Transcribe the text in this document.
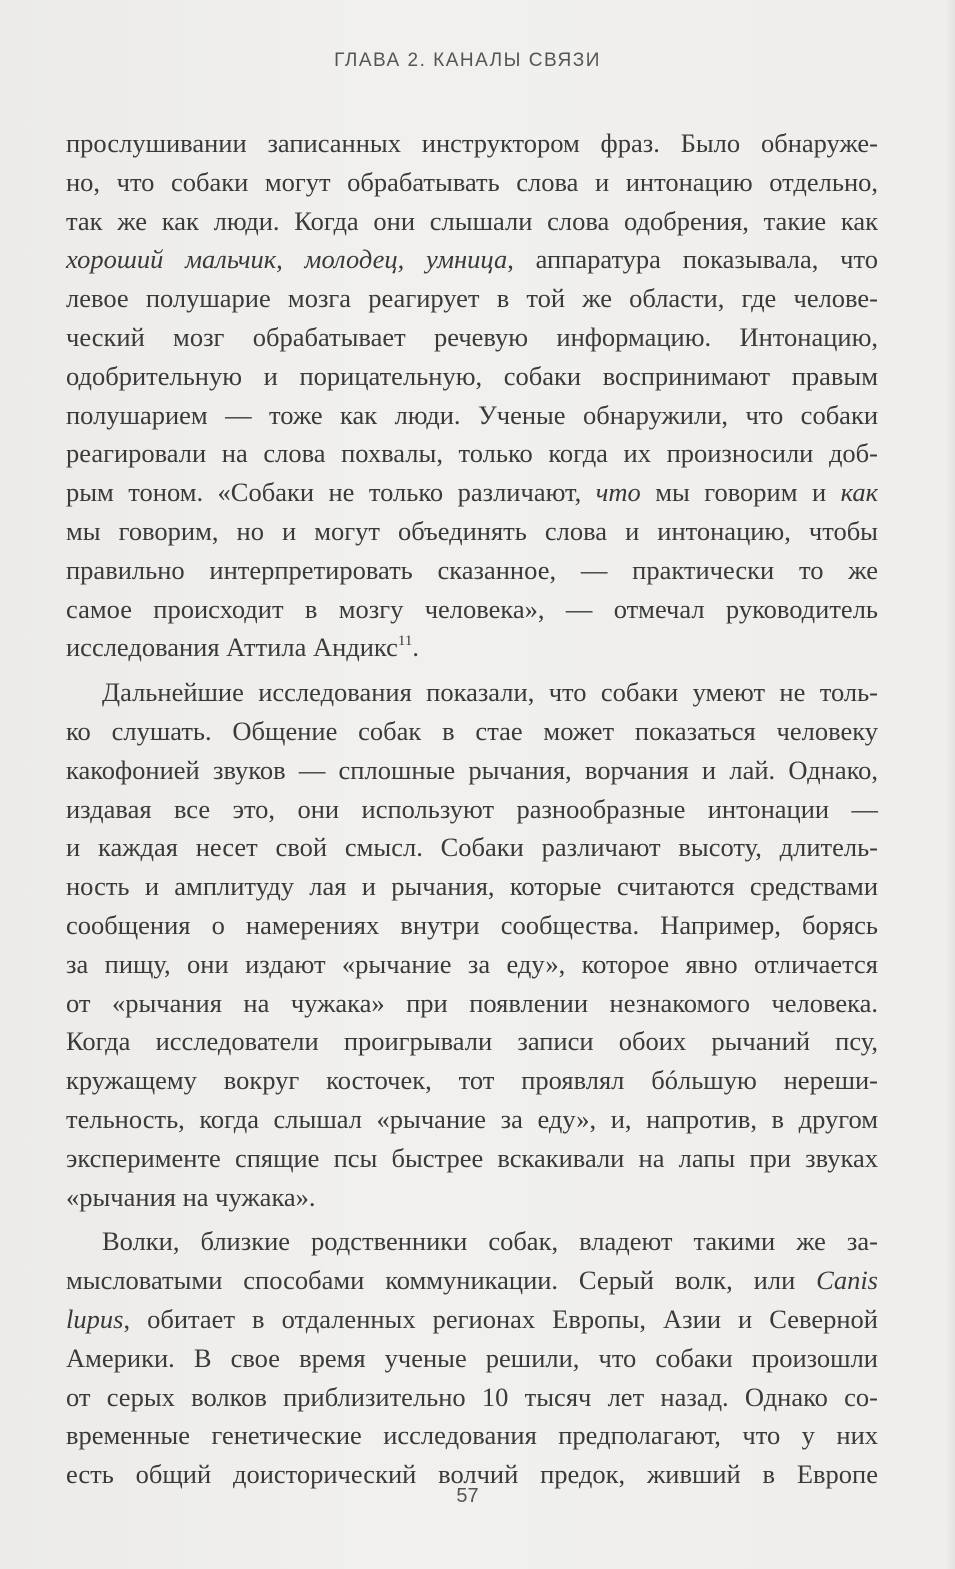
ГЛАВА 2. КАНАЛЫ СВЯЗИ
прослушивании записанных инструктором фраз. Было обнаруже-
но, что собаки могут обрабатывать слова и интонацию отдельно,
так же как люди. Когда они слышали слова одобрения, такие как
хороший мальчик, молодец, умница, аппаратура показывала, что
левое полушарие мозга реагирует в той же области, где челове-
ческий мозг обрабатывает речевую информацию. Интонацию,
одобрительную и порицательную, собаки воспринимают правым
полушарием — тоже как люди. Ученые обнаружили, что собаки
реагировали на слова похвалы, только когда их произносили доб-
рым тоном. «Собаки не только различают, что мы говорим и как
мы говорим, но и могут объединять слова и интонацию, чтобы
правильно интерпретировать сказанное, — практически то же
самое происходит в мозгу человека», — отмечал руководитель
исследования Аттила Андикс$^{11}$.
Дальнейшие исследования показали, что собаки умеют не толь-
ко слушать. Общение собак в стае может показаться человеку
какофонией звуков — сплошные рычания, ворчания и лай. Однако,
издавая все это, они используют разнообразные интонации —
и каждая несет свой смысл. Собаки различают высоту, длитель-
ность и амплитуду лая и рычания, которые считаются средствами
сообщения о намерениях внутри сообщества. Например, борясь
за пищу, они издают «рычание за еду», которое явно отличается
от «рычания на чужака» при появлении незнакомого человека.
Когда исследователи проигрывали записи обоих рычаний псу,
кружащему вокруг косточек, тот проявлял бóльшую нереши-
тельность, когда слышал «рычание за еду», и, напротив, в другом
эксперименте спящие псы быстрее вскакивали на лапы при звуках
«рычания на чужака».
Волки, близкие родственники собак, владеют такими же за-
мысловатыми способами коммуникации. Серый волк, или Canis
lupus, обитает в отдаленных регионах Европы, Азии и Северной
Америки. В свое время ученые решили, что собаки произошли
от серых волков приблизительно 10 тысяч лет назад. Однако со-
временные генетические исследования предполагают, что у них
есть общий доисторический волчий предок, живший в Европе
57
